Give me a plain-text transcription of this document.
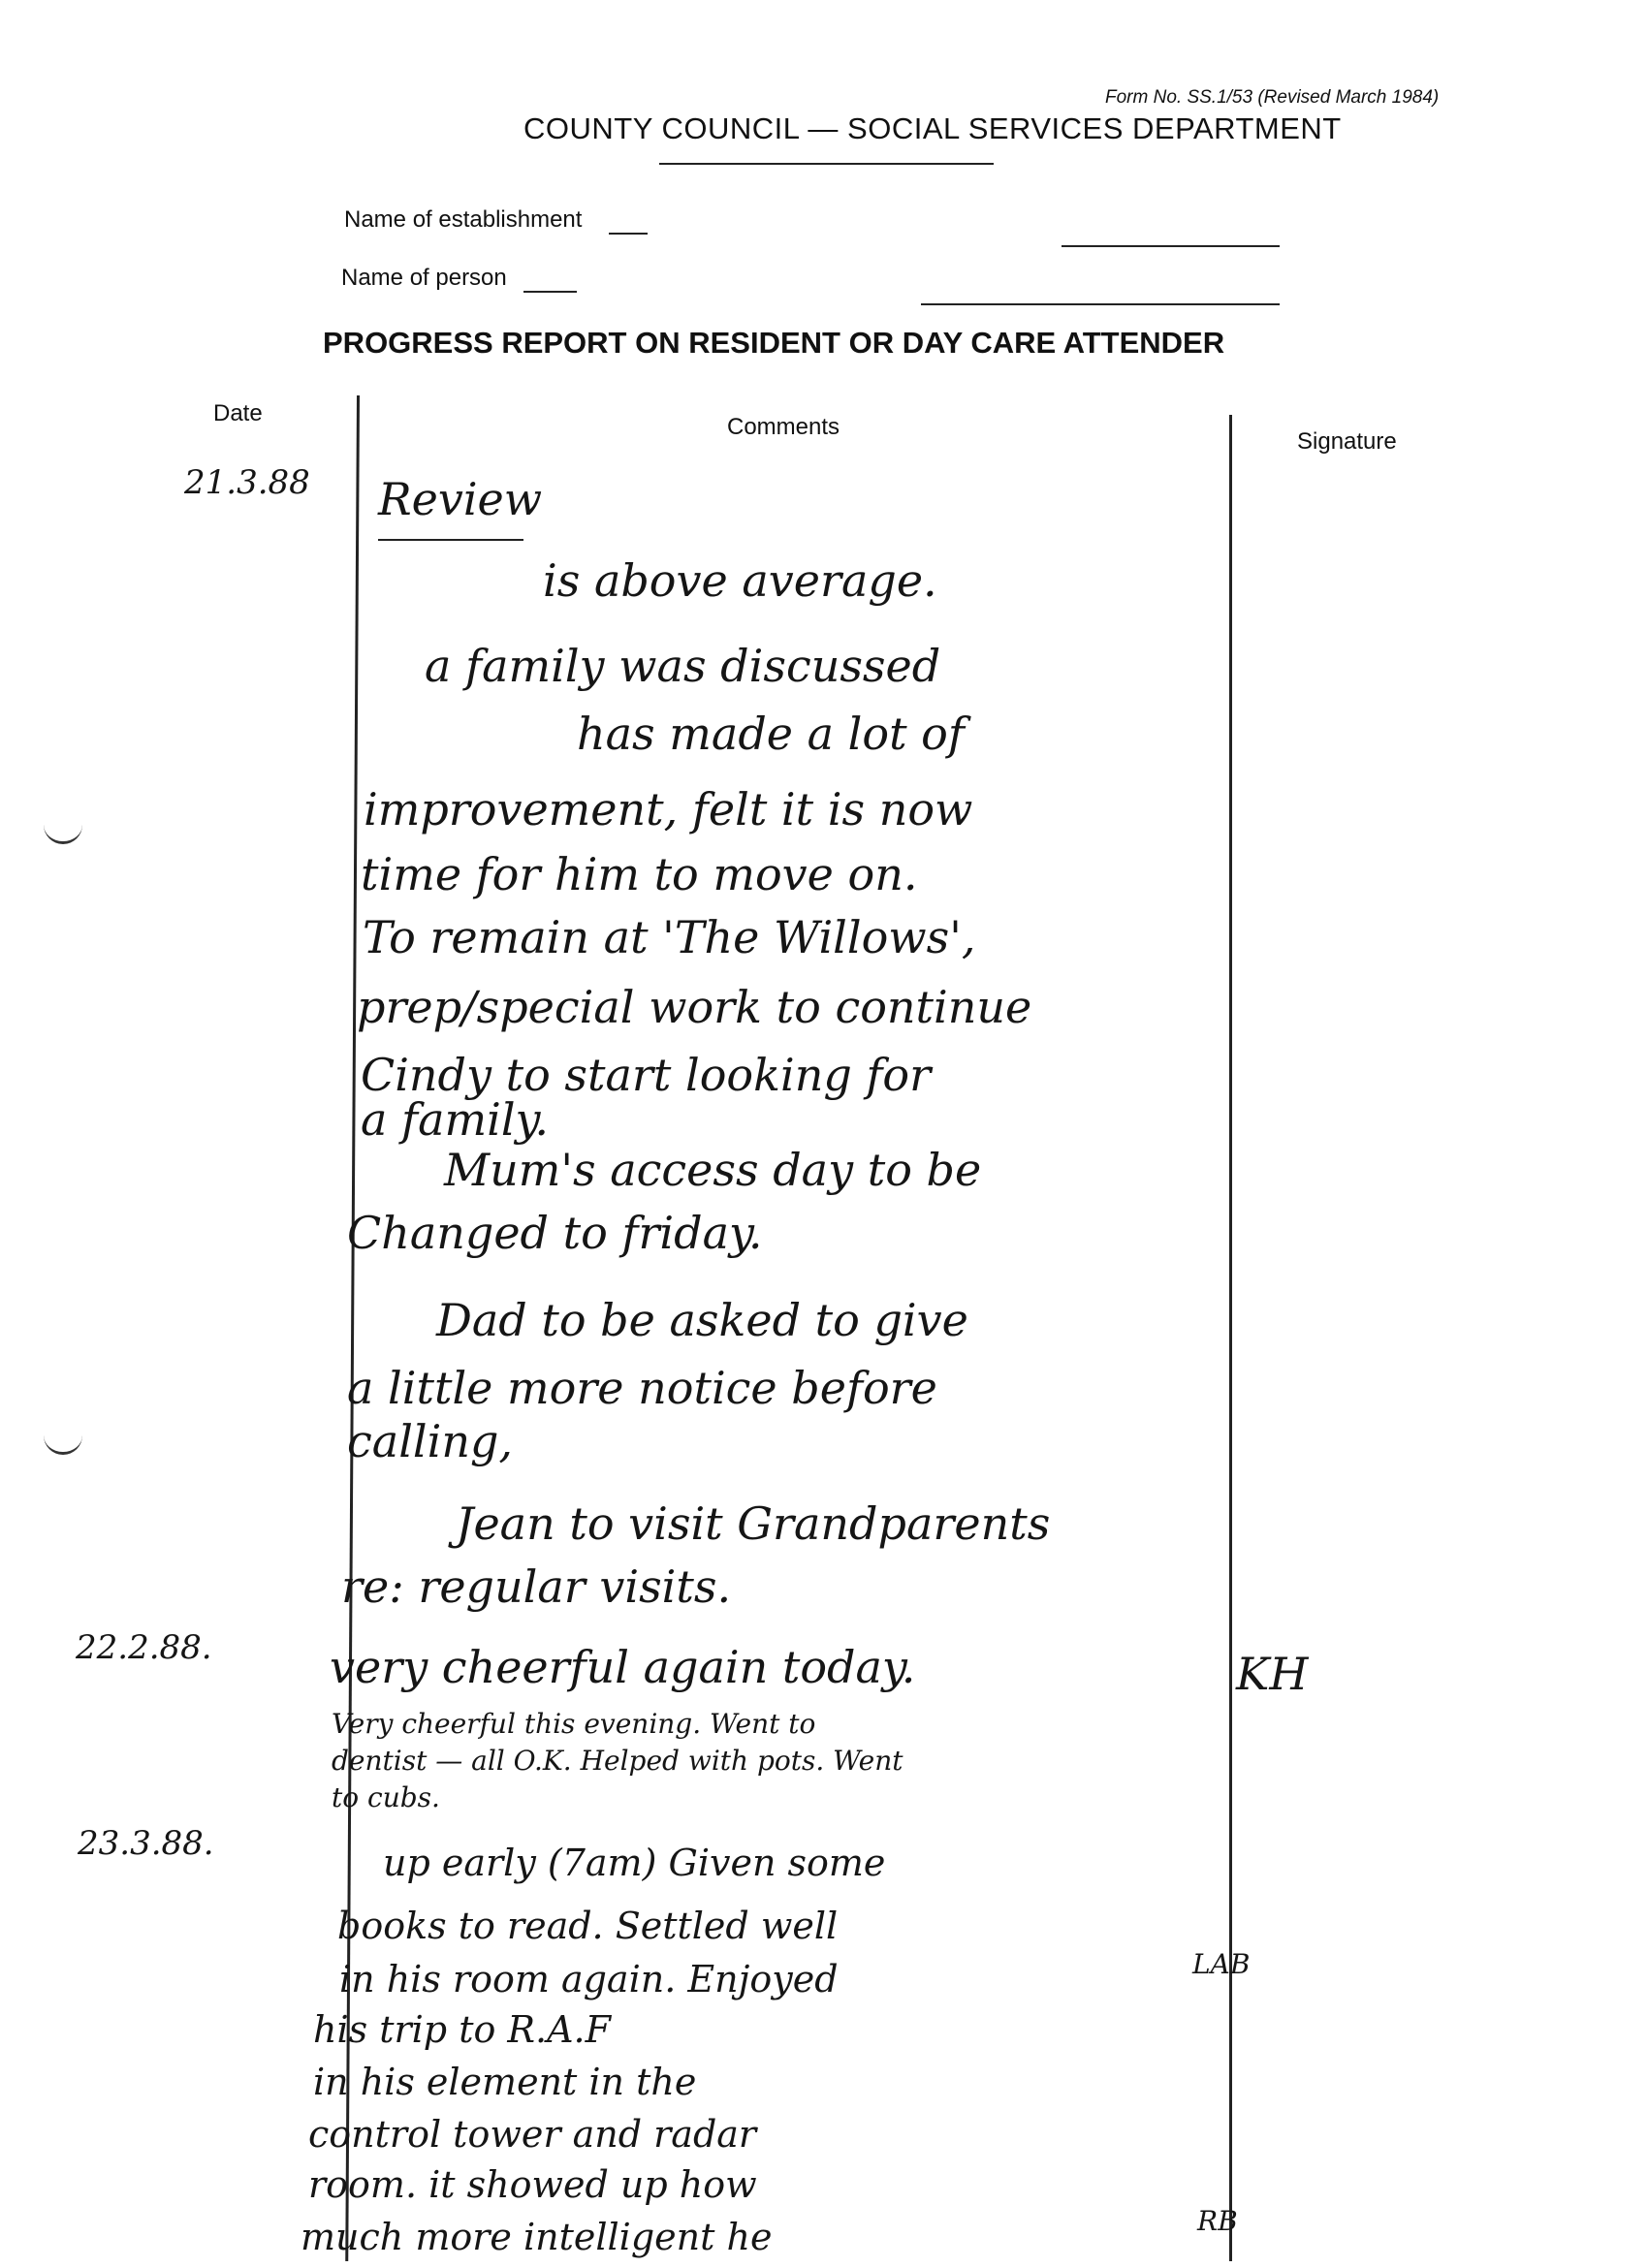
Form No. SS.1/53 (Revised March 1984)
COUNTY COUNCIL — SOCIAL SERVICES DEPARTMENT
Name of establishment
Name of person
PROGRESS REPORT ON RESIDENT OR DAY CARE ATTENDER
Date
Comments
Signature
21.3.88 Review
is above average.
a family was discussed
has made a lot of
improvement, felt it is now
time for him to move on.
To remain at 'The Willows',
prep/special work to continue
Cindy to start looking for
a family.
Mum's access day to be
Changed to friday.
Dad to be asked to give
a little more notice before
calling,
Jean to visit Grandparents
re: regular visits.
22.2.88.	very cheerful again today.
Very cheerful this evening. Went to
dentist — all O.K. Helped with pots. Went
to cubs.
KH
23.3.88.	up early (7am) Given some
books to read. Settled well
in his room again. Enjoyed
his trip to R.A.F
in his element in the
control tower and radar
room. it showed up how
much more intelligent he
LAB
RB
